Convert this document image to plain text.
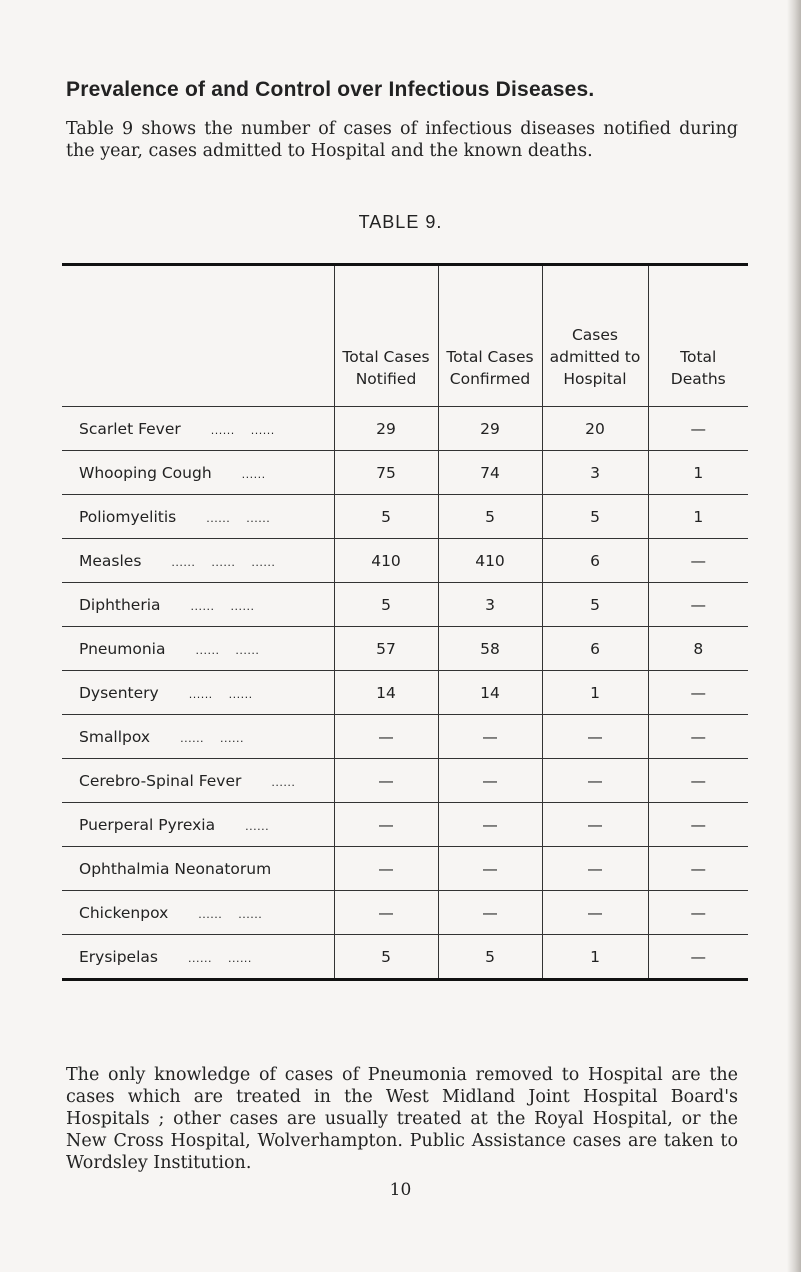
Prevalence of and Control over Infectious Diseases.

Table 9 shows the number of cases of infectious diseases notified during the year, cases admitted to Hospital and the known deaths.

TABLE 9.

	Total Cases Notified	Total Cases Confirmed	Cases admitted to Hospital	Total Deaths
Scarlet Fever ......    ......	29	29	20	—
Whooping Cough ......	75	74	3	1
Poliomyelitis ......    ......	5	5	5	1
Measles ......    ......    ......	410	410	6	—
Diphtheria ......    ......	5	3	5	—
Pneumonia ......    ......	57	58	6	8
Dysentery ......    ......	14	14	1	—
Smallpox ......    ......	—	—	—	—
Cerebro-Spinal Fever ......	—	—	—	—
Puerperal Pyrexia ......	—	—	—	—
Ophthalmia Neonatorum	—	—	—	—
Chickenpox ......    ......	—	—	—	—
Erysipelas ......    ......	5	5	1	—

The only knowledge of cases of Pneumonia removed to Hospital are the cases which are treated in the West Midland Joint Hospital Board's Hospitals ; other cases are usually treated at the Royal Hospital, or the New Cross Hospital, Wolverhampton. Public Assistance cases are taken to Wordsley Institution.

10
